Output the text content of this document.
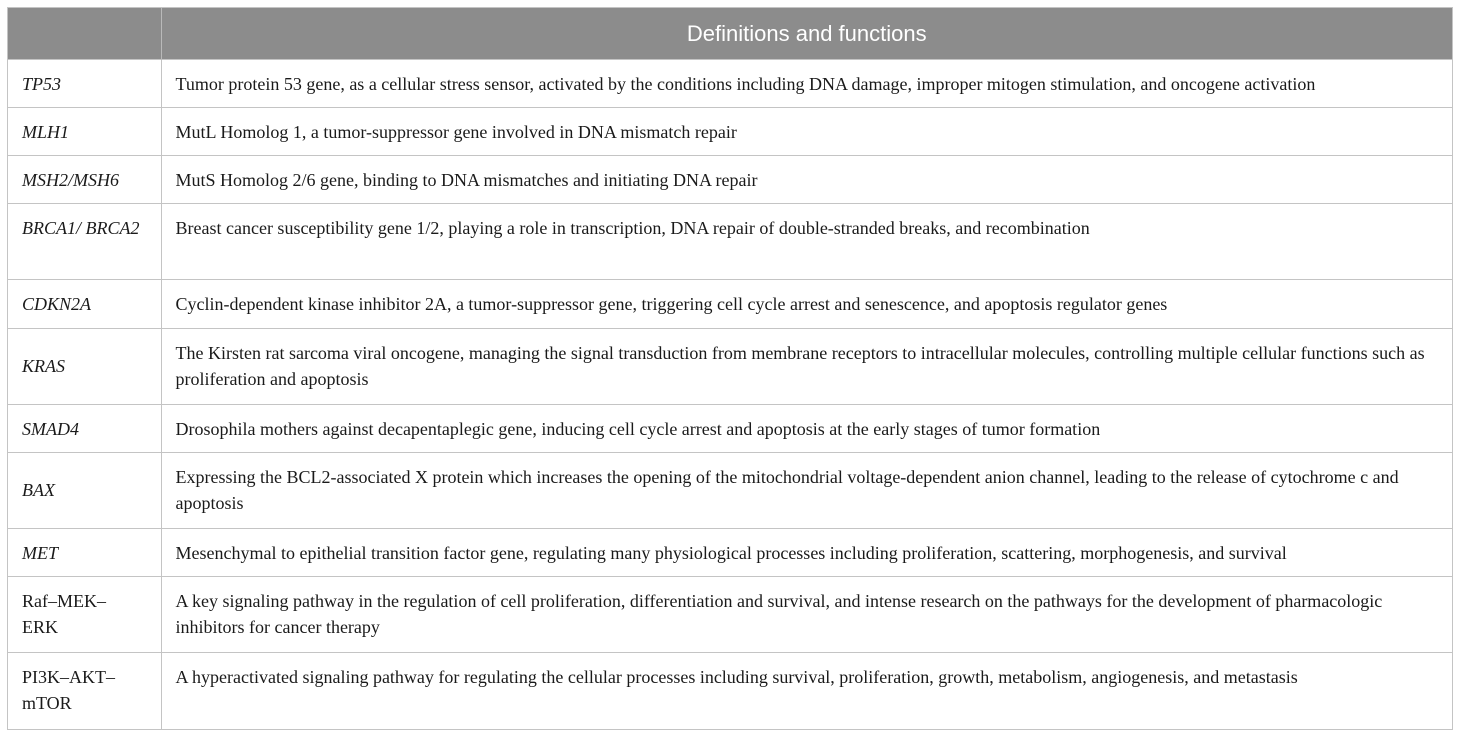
	Definitions and functions
TP53	Tumor protein 53 gene, as a cellular stress sensor, activated by the conditions including DNA damage, improper mitogen stimulation, and oncogene activation
MLH1	MutL Homolog 1, a tumor-suppressor gene involved in DNA mismatch repair
MSH2/MSH6	MutS Homolog 2/6 gene, binding to DNA mismatches and initiating DNA repair
BRCA1/ BRCA2	Breast cancer susceptibility gene 1/2, playing a role in transcription, DNA repair of double-stranded breaks, and recombination
CDKN2A	Cyclin-dependent kinase inhibitor 2A, a tumor-suppressor gene, triggering cell cycle arrest and senescence, and apoptosis regulator genes
KRAS	The Kirsten rat sarcoma viral oncogene, managing the signal transduction from membrane receptors to intracellular molecules, controlling multiple cellular functions such as proliferation and apoptosis
SMAD4	Drosophila mothers against decapentaplegic gene, inducing cell cycle arrest and apoptosis at the early stages of tumor formation
BAX	Expressing the BCL2-associated X protein which increases the opening of the mitochondrial voltage-dependent anion channel, leading to the release of cytochrome c and apoptosis
MET	Mesenchymal to epithelial transition factor gene, regulating many physiological processes including proliferation, scattering, morphogenesis, and survival
Raf–MEK–ERK	A key signaling pathway in the regulation of cell proliferation, differentiation and survival, and intense research on the pathways for the development of pharmacologic inhibitors for cancer therapy
PI3K–AKT–mTOR	A hyperactivated signaling pathway for regulating the cellular processes including survival, proliferation, growth, metabolism, angiogenesis, and metastasis
